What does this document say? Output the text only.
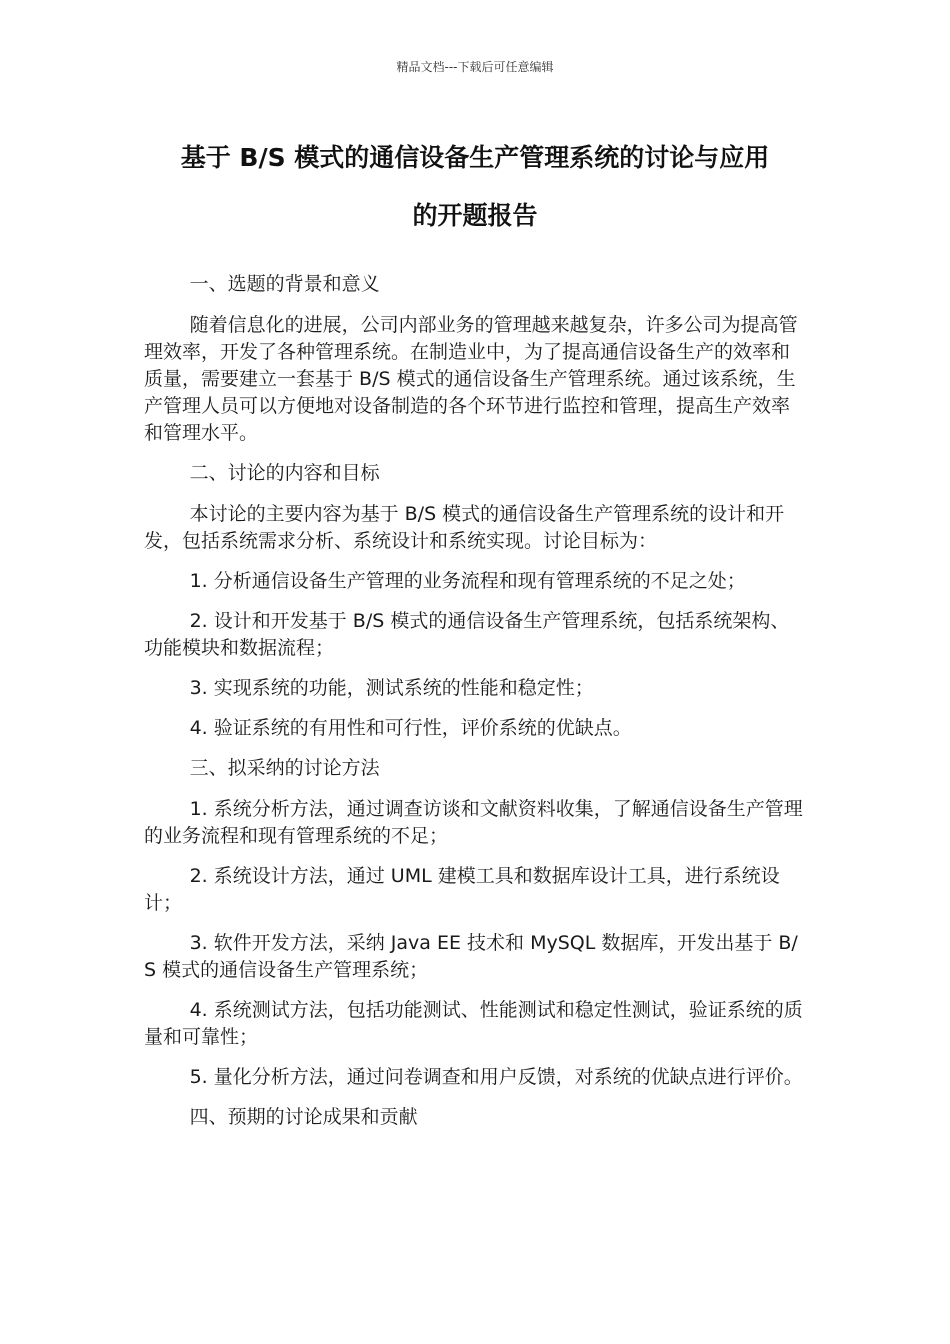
精品文档---下载后可任意编辑
基于 B/S 模式的通信设备生产管理系统的讨论与应用
的开题报告

一、选题的背景和意义

随着信息化的进展，公司内部业务的管理越来越复杂，许多公司为提高管理效率，开发了各种管理系统。在制造业中，为了提高通信设备生产的效率和质量，需要建立一套基于 B/S 模式的通信设备生产管理系统。通过该系统，生产管理人员可以方便地对设备制造的各个环节进行监控和管理，提高生产效率和管理水平。

二、讨论的内容和目标

本讨论的主要内容为基于 B/S 模式的通信设备生产管理系统的设计和开发，包括系统需求分析、系统设计和系统实现。讨论目标为：

1. 分析通信设备生产管理的业务流程和现有管理系统的不足之处；

2. 设计和开发基于 B/S 模式的通信设备生产管理系统，包括系统架构、功能模块和数据流程；

3. 实现系统的功能，测试系统的性能和稳定性；

4. 验证系统的有用性和可行性，评价系统的优缺点。

三、拟采纳的讨论方法

1. 系统分析方法，通过调查访谈和文献资料收集，了解通信设备生产管理的业务流程和现有管理系统的不足；

2. 系统设计方法，通过 UML 建模工具和数据库设计工具，进行系统设计；

3. 软件开发方法，采纳 Java EE 技术和 MySQL 数据库，开发出基于 B/S 模式的通信设备生产管理系统；

4. 系统测试方法，包括功能测试、性能测试和稳定性测试，验证系统的质量和可靠性；

5. 量化分析方法，通过问卷调查和用户反馈，对系统的优缺点进行评价。

四、预期的讨论成果和贡献
